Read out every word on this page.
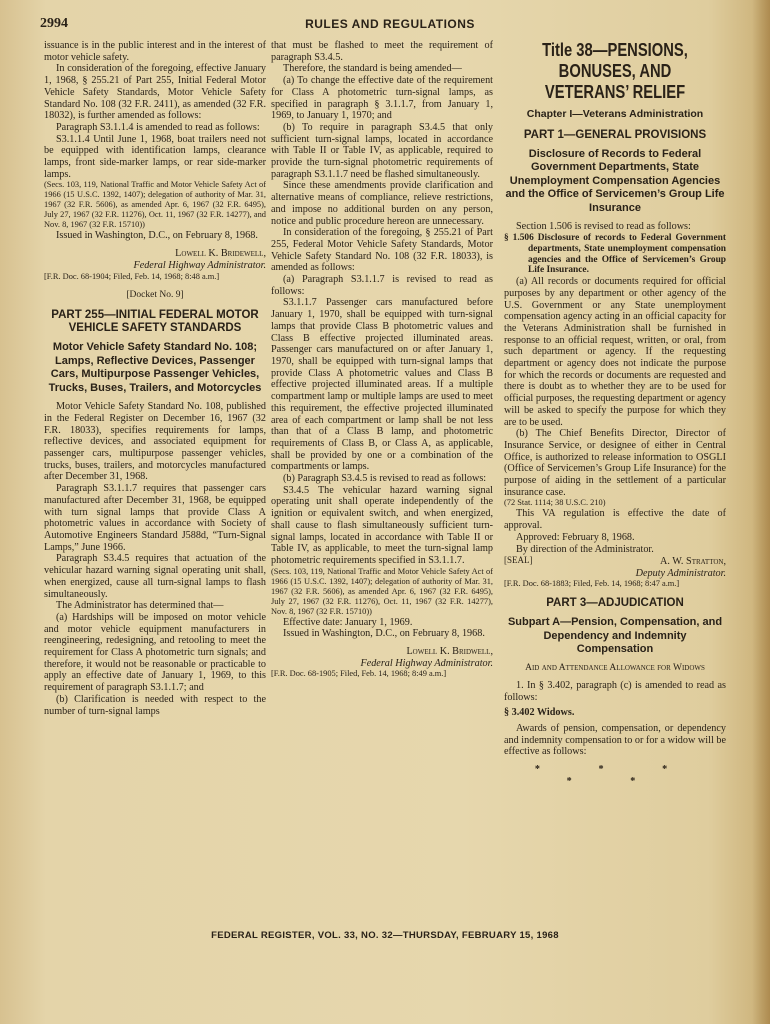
2994	RULES AND REGULATIONS

issuance is in the public interest and in the interest of motor vehicle safety.

In consideration of the foregoing, effective January 1, 1968, § 255.21 of Part 255, Initial Federal Motor Vehicle Safety Standards, Motor Vehicle Safety Standard No. 108 (32 F.R. 2411), as amended (32 F.R. 18032), is further amended as follows:

Paragraph S3.1.1.4 is amended to read as follows:

S3.1.1.4 Until June 1, 1968, boat trailers need not be equipped with identification lamps, clearance lamps, front side-marker lamps, or rear side-marker lamps.

(Secs. 103, 119, National Traffic and Motor Vehicle Safety Act of 1966 (15 U.S.C. 1392, 1407); delegation of authority of Mar. 31, 1967 (32 F.R. 5606), as amended Apr. 6, 1967 (32 F.R. 6495), July 27, 1967 (32 F.R. 11276), Oct. 11, 1967 (32 F.R. 14277), and Nov. 8, 1967 (32 F.R. 15710))

Issued in Washington, D.C., on February 8, 1968.

Lowell K. Bridewell,

Federal Highway Administrator.

[F.R. Doc. 68-1904; Filed, Feb. 14, 1968; 8:48 a.m.]

[Docket No. 9]

PART 255—INITIAL FEDERAL MOTOR VEHICLE SAFETY STANDARDS

Motor Vehicle Safety Standard No. 108; Lamps, Reflective Devices, Passenger Cars, Multipurpose Passenger Vehicles, Trucks, Buses, Trailers, and Motorcycles

Motor Vehicle Safety Standard No. 108, published in the Federal Register on December 16, 1967 (32 F.R. 18033), specifies requirements for lamps, reflective devices, and associated equipment for passenger cars, multipurpose passenger vehicles, trucks, buses, trailers, and motorcycles manufactured after December 31, 1968.

Paragraph S3.1.1.7 requires that passenger cars manufactured after December 31, 1968, be equipped with turn signal lamps that provide Class A photometric values in accordance with Society of Automotive Engineers Standard J588d, “Turn-Signal Lamps,” June 1966.

Paragraph S3.4.5 requires that actuation of the vehicular hazard warning signal operating unit shall, when energized, cause all turn-signal lamps to flash simultaneously.

The Administrator has determined that—

(a) Hardships will be imposed on motor vehicle and motor vehicle equipment manufacturers in reengineering, redesigning, and retooling to meet the requirement for Class A photometric turn signals; and therefore, it would not be reasonable or practicable to apply an effective date of January 1, 1969, to this requirement of paragraph S3.1.1.7; and

(b) Clarification is needed with respect to the number of turn-signal lamps

that must be flashed to meet the requirement of paragraph S3.4.5.

Therefore, the standard is being amended—

(a) To change the effective date of the requirement for Class A photometric turn-signal lamps, as specified in paragraph § 3.1.1.7, from January 1, 1969, to January 1, 1970; and

(b) To require in paragraph S3.4.5 that only sufficient turn-signal lamps, located in accordance with Table II or Table IV, as applicable, required to provide the turn-signal photometric requirements of paragraph S3.1.1.7 need be flashed simultaneously.

Since these amendments provide clarification and alternative means of compliance, relieve restrictions, and impose no additional burden on any person, notice and public procedure hereon are unnecessary.

In consideration of the foregoing, § 255.21 of Part 255, Federal Motor Vehicle Safety Standards, Motor Vehicle Safety Standard No. 108 (32 F.R. 18033), is amended as follows:

(a) Paragraph S3.1.1.7 is revised to read as follows:

S3.1.1.7 Passenger cars manufactured before January 1, 1970, shall be equipped with turn-signal lamps that provide Class B photometric values and Class B effective projected illuminated areas. Passenger cars manufactured on or after January 1, 1970, shall be equipped with turn-signal lamps that provide Class A photometric values and Class B effective projected illuminated areas. If a multiple compartment lamp or multiple lamps are used to meet this requirement, the effective projected illuminated area of each compartment or lamp shall be not less than that of a Class B lamp, and photometric requirements of Class B, or Class A, as applicable, shall be provided by one or a combination of the compartments or lamps.

(b) Paragraph S3.4.5 is revised to read as follows:

S3.4.5 The vehicular hazard warning signal operating unit shall operate independently of the ignition or equivalent switch, and when energized, shall cause to flash simultaneously sufficient turn-signal lamps, located in accordance with Table II or Table IV, as applicable, to meet the turn-signal lamp photometric requirements specified in S3.1.1.7.

(Secs. 103, 119, National Traffic and Motor Vehicle Safety Act of 1966 (15 U.S.C. 1392, 1407); delegation of authority of Mar. 31, 1967 (32 F.R. 5606), as amended Apr. 6, 1967 (32 F.R. 6495), July 27, 1967 (32 F.R. 11276), Oct. 11, 1967 (32 F.R. 14277), Nov. 8, 1967 (32 F.R. 15710))

Effective date: January 1, 1969.

Issued in Washington, D.C., on February 8, 1968.

Lowell K. Bridwell,

Federal Highway Administrator.

[F.R. Doc. 68-1905; Filed, Feb. 14, 1968; 8:49 a.m.]

Title 38—PENSIONS, BONUSES, AND VETERANS’ RELIEF

Chapter I—Veterans Administration

PART 1—GENERAL PROVISIONS

Disclosure of Records to Federal Government Departments, State Unemployment Compensation Agencies and the Office of Servicemen’s Group Life Insurance

Section 1.506 is revised to read as follows:

§ 1.506 Disclosure of records to Federal Government departments, State unemployment compensation agencies and the Office of Servicemen’s Group Life Insurance.

(a) All records or documents required for official purposes by any department or other agency of the U.S. Government or any State unemployment compensation agency acting in an official capacity for the Veterans Administration shall be furnished in response to an official request, written, or oral, from such department or agency. If the requesting department or agency does not indicate the purpose for which the records or documents are requested and there is doubt as to whether they are to be used for official purposes, the requesting department or agency will be asked to specify the purpose for which they are to be used.

(b) The Chief Benefits Director, Director of Insurance Service, or designee of either in Central Office, is authorized to release information to OSGLI (Office of Servicemen’s Group Life Insurance) for the purpose of aiding in the settlement of a particular insurance case.

(72 Stat. 1114; 38 U.S.C. 210)

This VA regulation is effective the date of approval.

Approved: February 8, 1968.

By direction of the Administrator.

[SEAL]	A. W. Stratton,

Deputy Administrator.

[F.R. Doc. 68-1883; Filed, Feb. 14, 1968; 8:47 a.m.]

PART 3—ADJUDICATION

Subpart A—Pension, Compensation, and Dependency and Indemnity Compensation

Aid and Attendance Allowance for Widows

1. In § 3.402, paragraph (c) is amended to read as follows:

§ 3.402 Widows.

Awards of pension, compensation, or dependency and indemnity compensation to or for a widow will be effective as follows:

* * * * *

FEDERAL REGISTER, VOL. 33, NO. 32—THURSDAY, FEBRUARY 15, 1968
